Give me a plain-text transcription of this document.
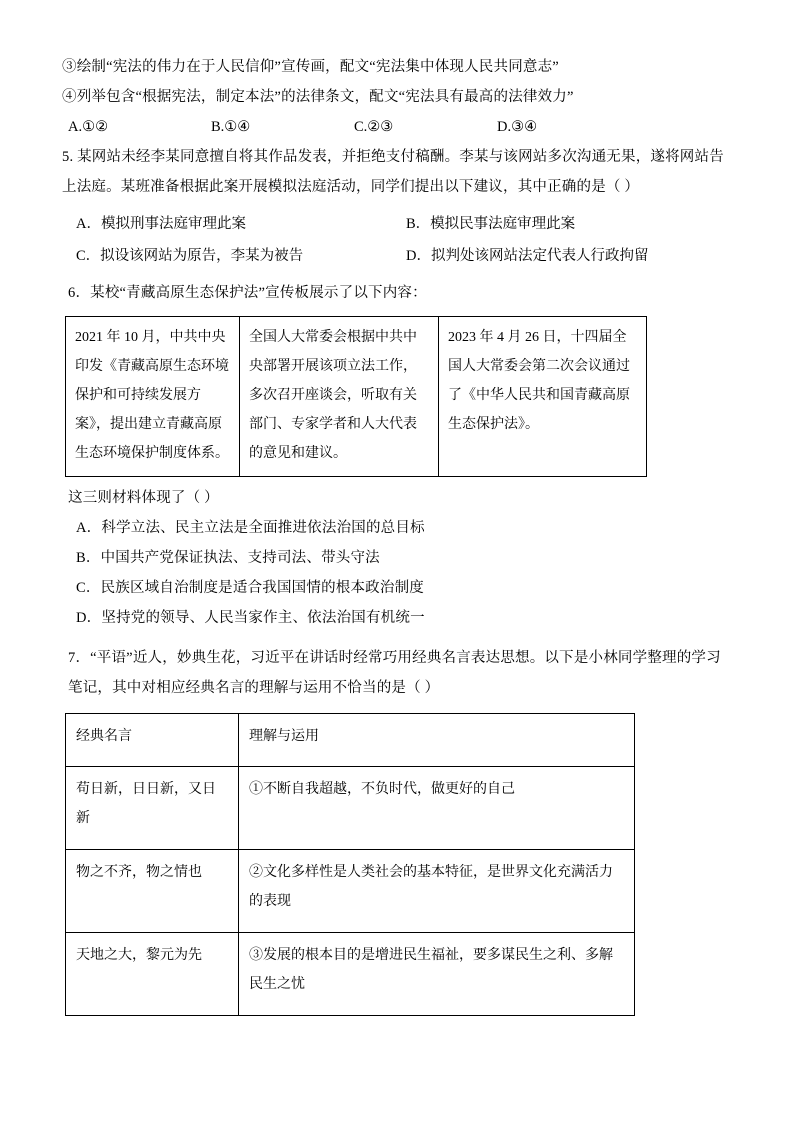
③绘制“宪法的伟力在于人民信仰”宣传画，配文“宪法集中体现人民共同意志”
④列举包含“根据宪法，制定本法”的法律条文，配文“宪法具有最高的法律效力”
A.①②	B.①④	C.②③	D.③④
5. 某网站未经李某同意擅自将其作品发表，并拒绝支付稿酬。李某与该网站多次沟通无果，遂将网站告上法庭。某班准备根据此案开展模拟法庭活动，同学们提出以下建议，其中正确的是（ ）
A．模拟刑事法庭审理此案	B．模拟民事法庭审理此案
C．拟设该网站为原告，李某为被告	D．拟判处该网站法定代表人行政拘留
6．某校“青藏高原生态保护法”宣传板展示了以下内容：
2021 年 10 月，中共中央印发《青藏高原生态环境保护和可持续发展方案》，提出建立青藏高原生态环境保护制度体系。	全国人大常委会根据中共中央部署开展该项立法工作，多次召开座谈会，听取有关部门、专家学者和人大代表的意见和建议。	2023 年 4 月 26 日，十四届全国人大常委会第二次会议通过了《中华人民共和国青藏高原生态保护法》。
这三则材料体现了（ ）
A．科学立法、民主立法是全面推进依法治国的总目标
B．中国共产党保证执法、支持司法、带头守法
C．民族区域自治制度是适合我国国情的根本政治制度
D．坚持党的领导、人民当家作主、依法治国有机统一
7．“平语”近人，妙典生花，习近平在讲话时经常巧用经典名言表达思想。以下是小林同学整理的学习笔记，其中对相应经典名言的理解与运用不恰当的是（ ）
经典名言	理解与运用
苟日新，日日新，又日新	①不断自我超越，不负时代，做更好的自己
物之不齐，物之情也	②文化多样性是人类社会的基本特征，是世界文化充满活力的表现
天地之大，黎元为先	③发展的根本目的是增进民生福祉，要多谋民生之利、多解民生之忧
